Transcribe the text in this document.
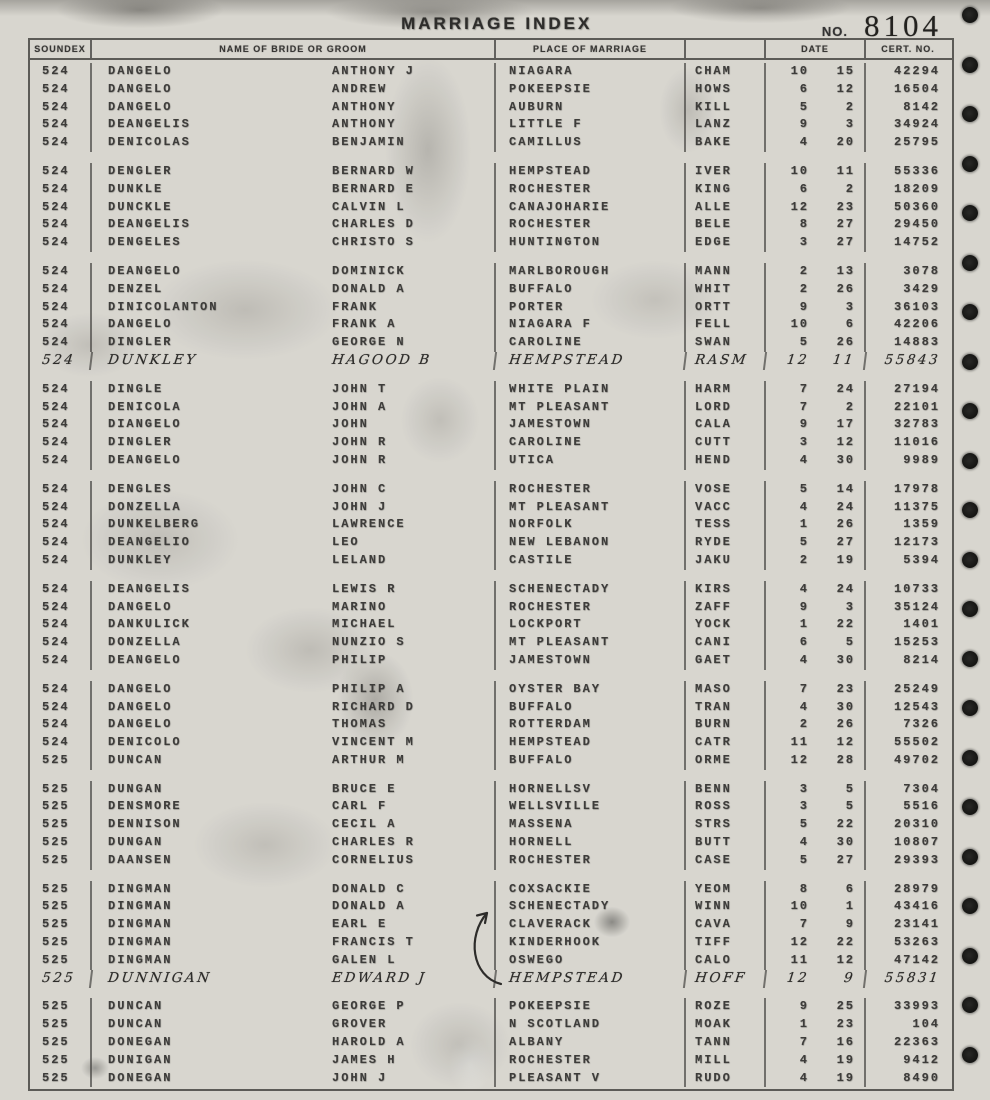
MARRIAGE INDEX	NO. 8104
SOUNDEX	NAME OF BRIDE OR GROOM	PLACE OF MARRIAGE	DATE	CERT. NO.
524	DANGELO	ANTHONY J	NIAGARA	CHAM	10	15	42294
524	DANGELO	ANDREW	POKEEPSIE	HOWS	6	12	16504
524	DANGELO	ANTHONY	AUBURN	KILL	5	2	8142
524	DEANGELIS	ANTHONY	LITTLE F	LANZ	9	3	34924
524	DENICOLAS	BENJAMIN	CAMILLUS	BAKE	4	20	25795
524	DENGLER	BERNARD W	HEMPSTEAD	IVER	10	11	55336
524	DUNKLE	BERNARD E	ROCHESTER	KING	6	2	18209
524	DUNCKLE	CALVIN L	CANAJOHARIE	ALLE	12	23	50360
524	DEANGELIS	CHARLES D	ROCHESTER	BELE	8	27	29450
524	DENGELES	CHRISTO S	HUNTINGTON	EDGE	3	27	14752
524	DEANGELO	DOMINICK	MARLBOROUGH	MANN	2	13	3078
524	DENZEL	DONALD A	BUFFALO	WHIT	2	26	3429
524	DINICOLANTON	FRANK	PORTER	ORTT	9	3	36103
524	DANGELO	FRANK A	NIAGARA F	FELL	10	6	42206
524	DINGLER	GEORGE N	CAROLINE	SWAN	5	26	14883
524	DUNKLEY	HAGOOD B	HEMPSTEAD	RASM	12	11	55843
524	DINGLE	JOHN T	WHITE PLAIN	HARM	7	24	27194
524	DENICOLA	JOHN A	MT PLEASANT	LORD	7	2	22101
524	DIANGELO	JOHN	JAMESTOWN	CALA	9	17	32783
524	DINGLER	JOHN R	CAROLINE	CUTT	3	12	11016
524	DEANGELO	JOHN R	UTICA	HEND	4	30	9989
524	DENGLES	JOHN C	ROCHESTER	VOSE	5	14	17978
524	DONZELLA	JOHN J	MT PLEASANT	VACC	4	24	11375
524	DUNKELBERG	LAWRENCE	NORFOLK	TESS	1	26	1359
524	DEANGELIO	LEO	NEW LEBANON	RYDE	5	27	12173
524	DUNKLEY	LELAND	CASTILE	JAKU	2	19	5394
524	DEANGELIS	LEWIS R	SCHENECTADY	KIRS	4	24	10733
524	DANGELO	MARINO	ROCHESTER	ZAFF	9	3	35124
524	DANKULICK	MICHAEL	LOCKPORT	YOCK	1	22	1401
524	DONZELLA	NUNZIO S	MT PLEASANT	CANI	6	5	15253
524	DEANGELO	PHILIP	JAMESTOWN	GAET	4	30	8214
524	DANGELO	PHILIP A	OYSTER BAY	MASO	7	23	25249
524	DANGELO	RICHARD D	BUFFALO	TRAN	4	30	12543
524	DANGELO	THOMAS	ROTTERDAM	BURN	2	26	7326
524	DENICOLO	VINCENT M	HEMPSTEAD	CATR	11	12	55502
525	DUNCAN	ARTHUR M	BUFFALO	ORME	12	28	49702
525	DUNGAN	BRUCE E	HORNELLSV	BENN	3	5	7304
525	DENSMORE	CARL F	WELLSVILLE	ROSS	3	5	5516
525	DENNISON	CECIL A	MASSENA	STRS	5	22	20310
525	DUNGAN	CHARLES R	HORNELL	BUTT	4	30	10807
525	DAANSEN	CORNELIUS	ROCHESTER	CASE	5	27	29393
525	DINGMAN	DONALD C	COXSACKIE	YEOM	8	6	28979
525	DINGMAN	DONALD A	SCHENECTADY	WINN	10	1	43416
525	DINGMAN	EARL E	CLAVERACK	CAVA	7	9	23141
525	DINGMAN	FRANCIS T	KINDERHOOK	TIFF	12	22	53263
525	DINGMAN	GALEN L	OSWEGO	CALO	11	12	47142
525	DUNNIGAN	EDWARD J	HEMPSTEAD	HOFF	12	9	55831
525	DUNCAN	GEORGE P	POKEEPSIE	ROZE	9	25	33993
525	DUNCAN	GROVER	N SCOTLAND	MOAK	1	23	104
525	DONEGAN	HAROLD A	ALBANY	TANN	7	16	22363
525	DUNIGAN	JAMES H	ROCHESTER	MILL	4	19	9412
525	DONEGAN	JOHN J	PLEASANT V	RUDO	4	19	8490
